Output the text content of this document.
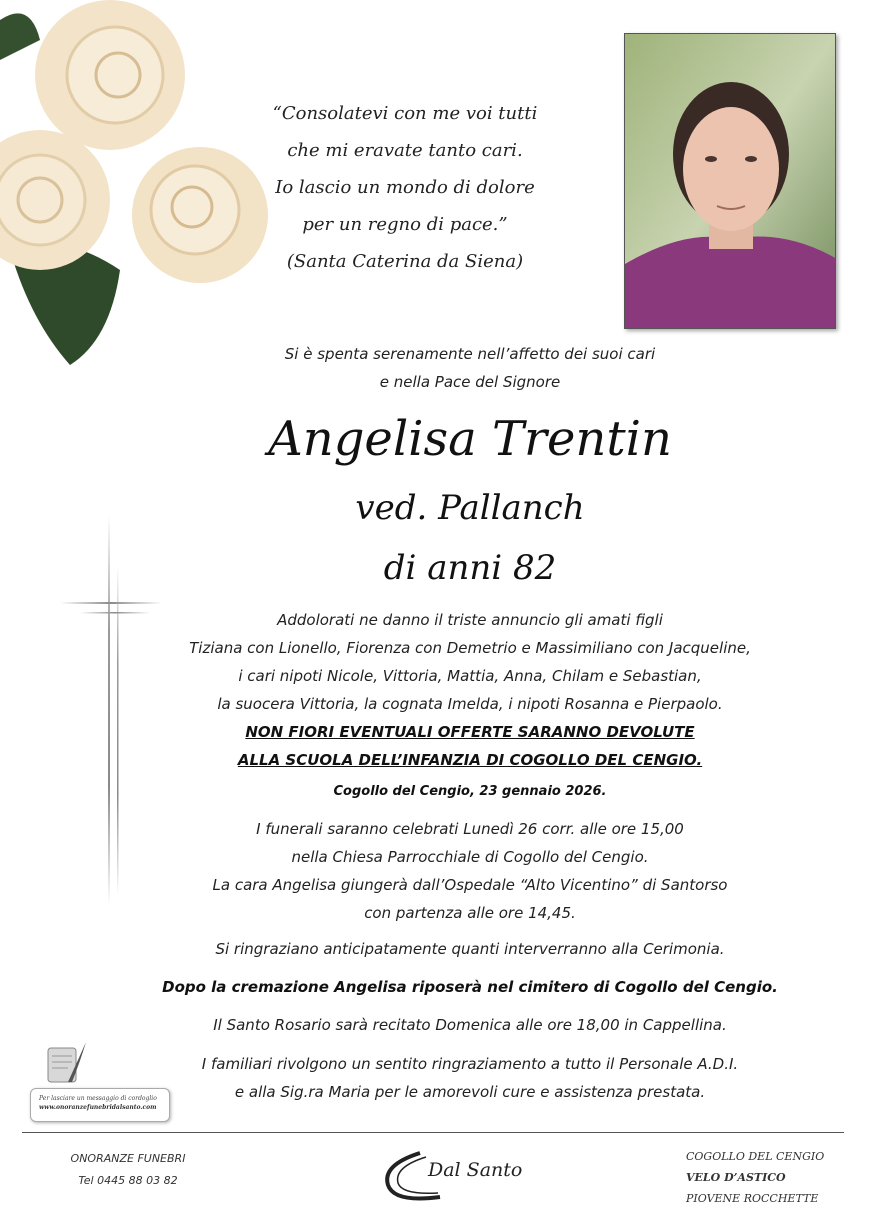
“Consolatevi con me voi tutti
che mi eravate tanto cari.
Io lascio un mondo di dolore
per un regno di pace.”
(Santa Caterina da Siena)
Si è spenta serenamente nell’affetto dei suoi cari
e nella Pace del Signore
Angelisa Trentin
ved. Pallanch
di anni 82
Addolorati ne danno il triste annuncio gli amati figli
Tiziana con Lionello, Fiorenza con Demetrio e Massimiliano con Jacqueline,
i cari nipoti Nicole, Vittoria, Mattia, Anna, Chilam e Sebastian,
la suocera Vittoria, la cognata Imelda, i nipoti Rosanna e Pierpaolo.
NON FIORI EVENTUALI OFFERTE SARANNO DEVOLUTE
ALLA SCUOLA DELL’INFANZIA DI COGOLLO DEL CENGIO.
Cogollo del Cengio, 23 gennaio 2026.
I funerali saranno celebrati Lunedì 26 corr. alle ore 15,00
nella Chiesa Parrocchiale di Cogollo del Cengio.
La cara Angelisa giungerà dall’Ospedale “Alto Vicentino” di Santorso
con partenza alle ore 14,45.
Si ringraziano anticipatamente quanti interverranno alla Cerimonia.
Dopo la cremazione Angelisa riposerà nel cimitero di Cogollo del Cengio.
Il Santo Rosario sarà recitato Domenica alle ore 18,00 in Cappellina.
I familiari rivolgono un sentito ringraziamento a tutto il Personale A.D.I.
e alla Sig.ra Maria per le amorevoli cure e assistenza prestata.
Per lasciare un messaggio di cordoglio
www.onoranzefunebridalsanto.com
ONORANZE FUNEBRI
Tel 0445 88 03 82	Dal Santo
COGOLLO DEL CENGIO
VELO D’ASTICO
PIOVENE ROCCHETTE
